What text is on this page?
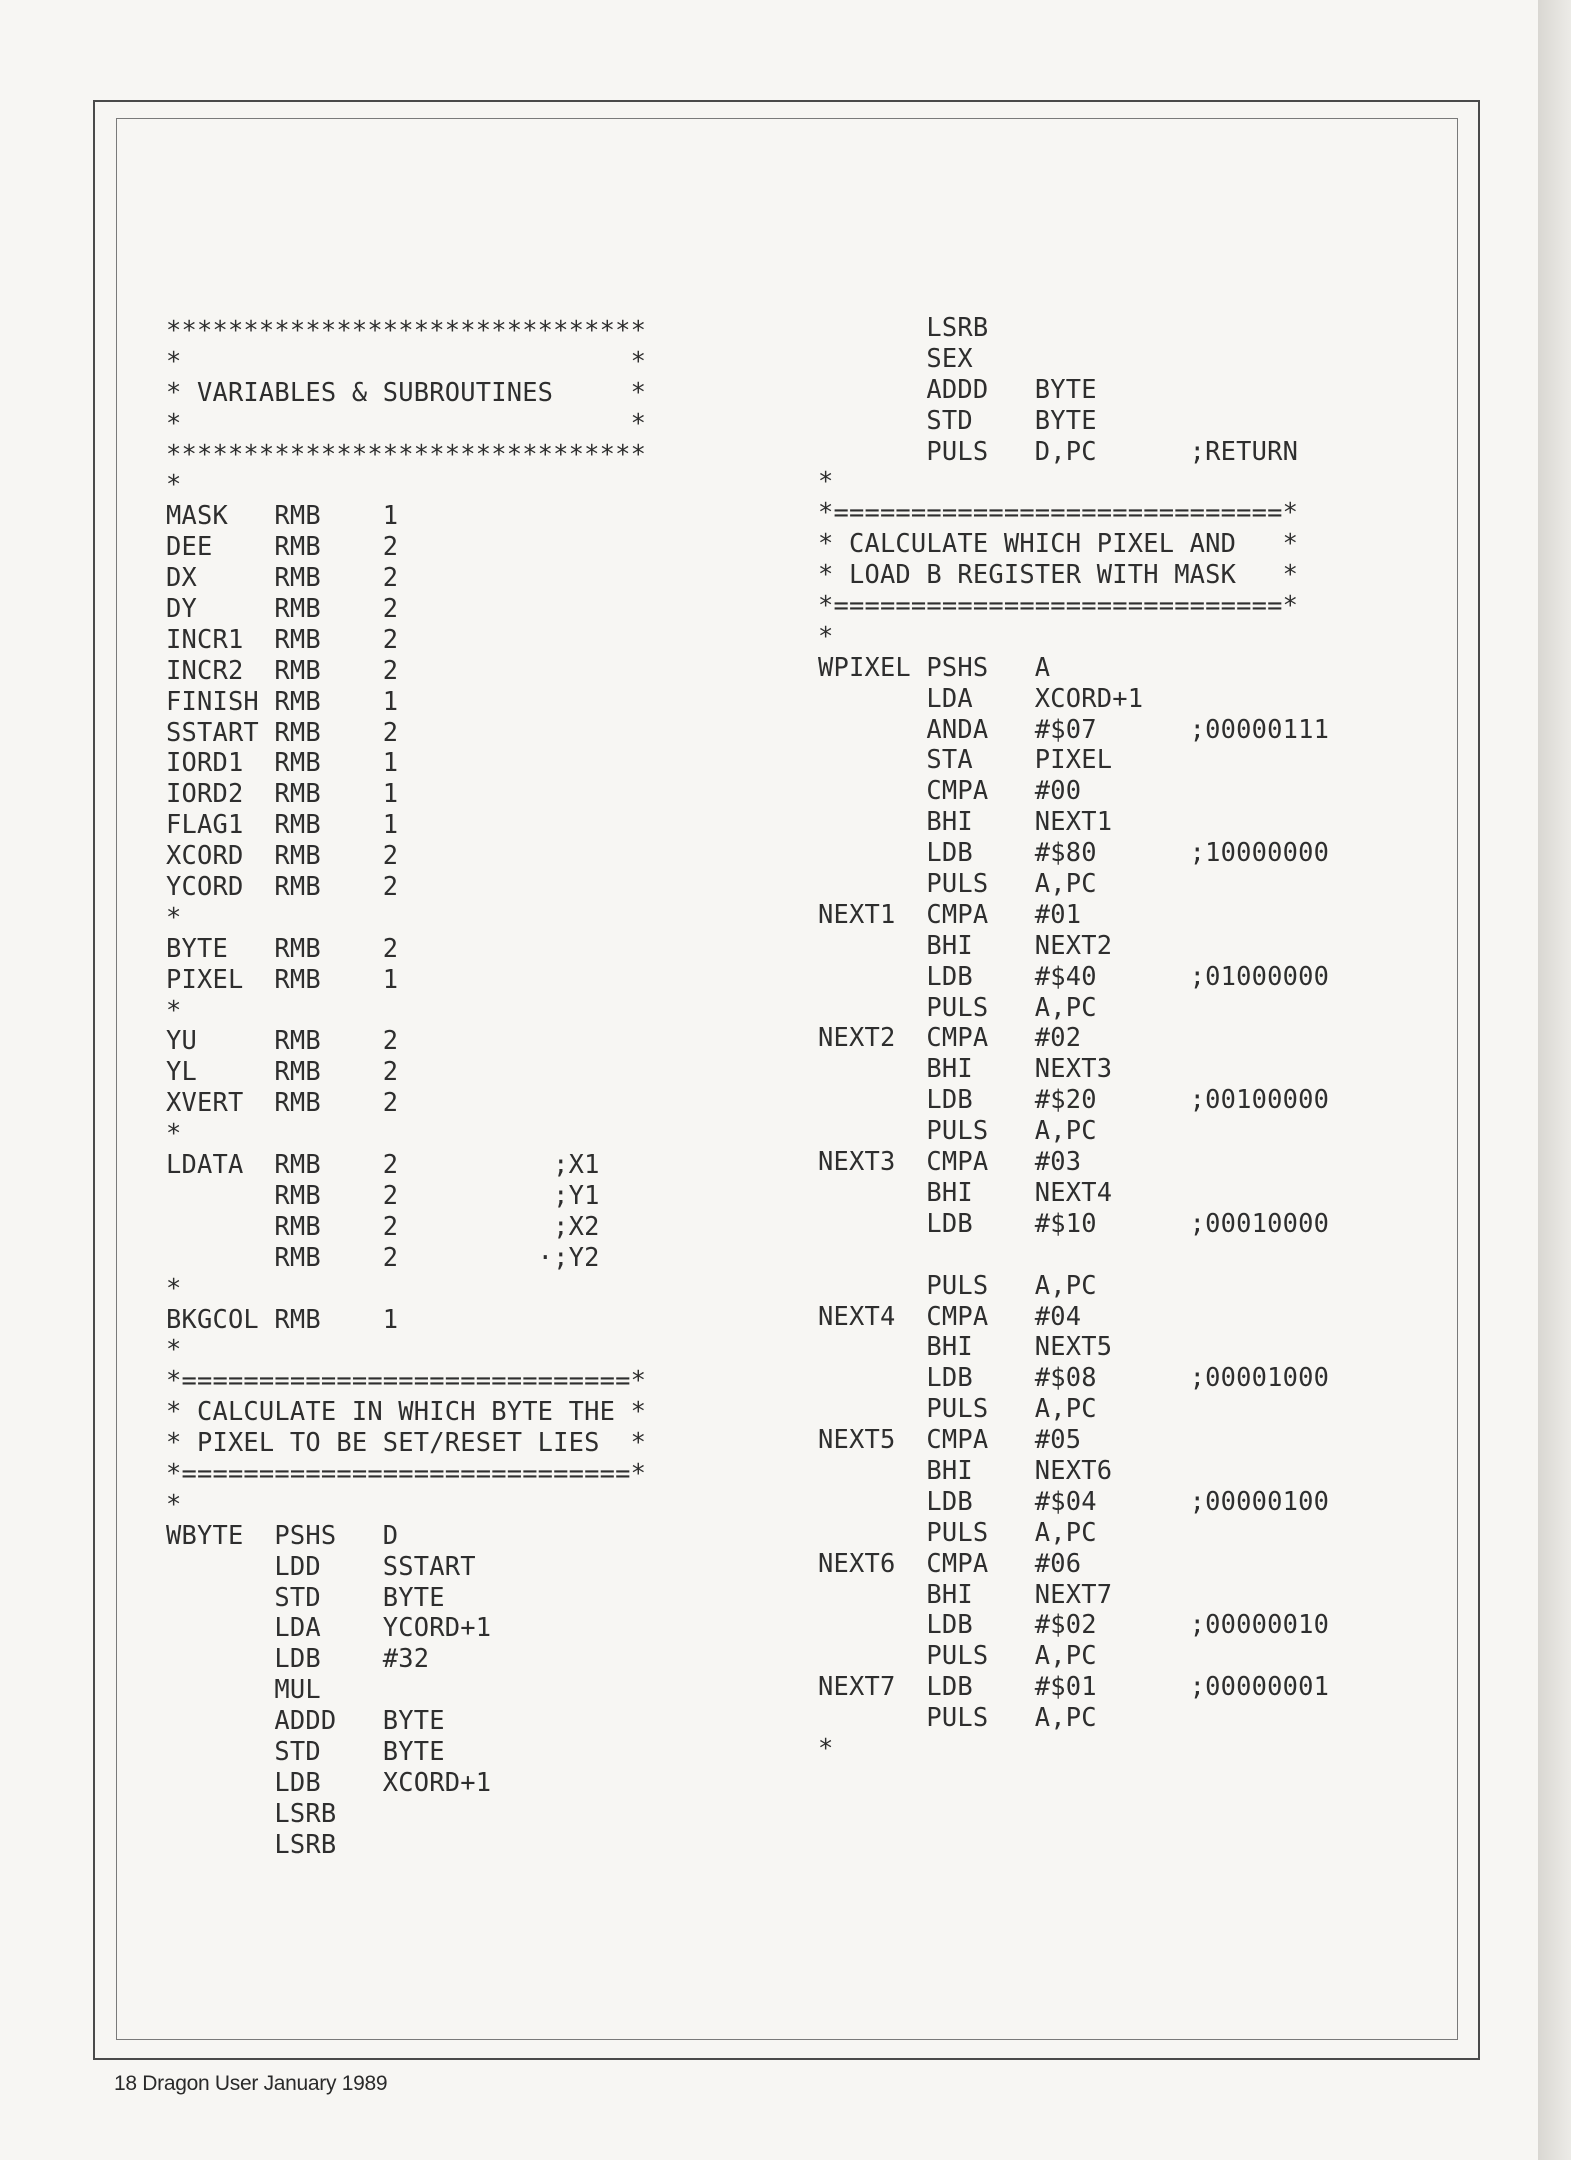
*******************************
*                             *
* VARIABLES & SUBROUTINES     *
*                             *
*******************************
*
MASK   RMB    1
DEE    RMB    2
DX     RMB    2
DY     RMB    2
INCR1  RMB    2
INCR2  RMB    2
FINISH RMB    1
SSTART RMB    2
IORD1  RMB    1
IORD2  RMB    1
FLAG1  RMB    1
XCORD  RMB    2
YCORD  RMB    2
*
BYTE   RMB    2
PIXEL  RMB    1
*
YU     RMB    2
YL     RMB    2
XVERT  RMB    2
*
LDATA  RMB    2          ;X1
RMB    2          ;Y1
RMB    2          ;X2
RMB    2         ·;Y2
*
BKGCOL RMB    1
*
*=============================*
* CALCULATE IN WHICH BYTE THE *
* PIXEL TO BE SET/RESET LIES  *
*=============================*
*
WBYTE  PSHS   D
LDD    SSTART
STD    BYTE
LDA    YCORD+1
LDB    #32
MUL
ADDD   BYTE
STD    BYTE
LDB    XCORD+1
LSRB
LSRB
LSRB
SEX
ADDD   BYTE
STD    BYTE
PULS   D,PC      ;RETURN
*
*=============================*
* CALCULATE WHICH PIXEL AND   *
* LOAD B REGISTER WITH MASK   *
*=============================*
*
WPIXEL PSHS   A
LDA    XCORD+1
ANDA   #$07      ;00000111
STA    PIXEL
CMPA   #00
BHI    NEXT1
LDB    #$80      ;10000000
PULS   A,PC
NEXT1  CMPA   #01
BHI    NEXT2
LDB    #$40      ;01000000
PULS   A,PC
NEXT2  CMPA   #02
BHI    NEXT3
LDB    #$20      ;00100000
PULS   A,PC
NEXT3  CMPA   #03
BHI    NEXT4
LDB    #$10      ;00010000
PULS   A,PC
NEXT4  CMPA   #04
BHI    NEXT5
LDB    #$08      ;00001000
PULS   A,PC
NEXT5  CMPA   #05
BHI    NEXT6
LDB    #$04      ;00000100
PULS   A,PC
NEXT6  CMPA   #06
BHI    NEXT7
LDB    #$02      ;00000010
PULS   A,PC
NEXT7  LDB    #$01      ;00000001
PULS   A,PC
*
18 Dragon User January 1989
